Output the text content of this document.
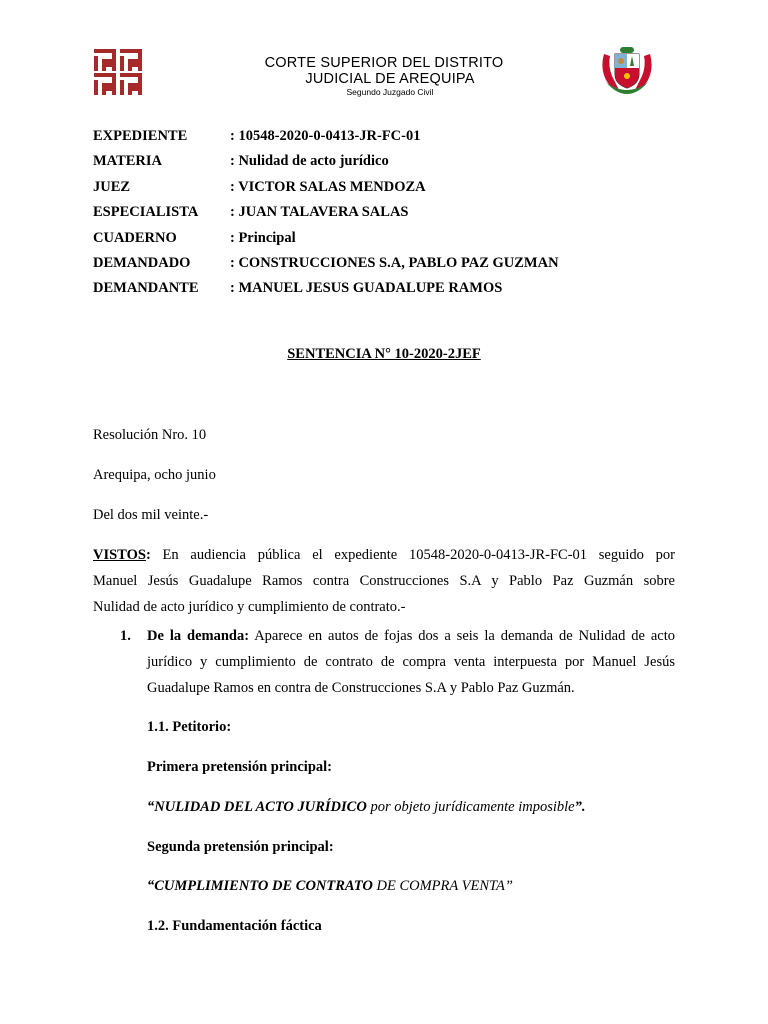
CORTE SUPERIOR DEL DISTRITO
JUDICIAL DE AREQUIPA
Segundo Juzgado Civil
EXPEDIENTE	: 10548-2020-0-0413-JR-FC-01
MATERIA	: Nulidad de acto jurídico
JUEZ	: VICTOR SALAS MENDOZA
ESPECIALISTA	: JUAN TALAVERA SALAS
CUADERNO	: Principal
DEMANDADO	: CONSTRUCCIONES S.A, PABLO PAZ GUZMAN
DEMANDANTE	: MANUEL JESUS GUADALUPE RAMOS
SENTENCIA N° 10-2020-2JEF
Resolución Nro. 10
Arequipa, ocho junio
Del dos mil veinte.-
VISTOS: En audiencia pública el expediente 10548-2020-0-0413-JR-FC-01 seguido por
Manuel Jesús Guadalupe Ramos contra Construcciones S.A y Pablo Paz Guzmán sobre
Nulidad de acto jurídico y cumplimiento de contrato.-
1. De la demanda: Aparece en autos de fojas dos a seis la demanda de Nulidad de acto
jurídico y cumplimiento de contrato de compra venta interpuesta por Manuel Jesús
Guadalupe Ramos en contra de Construcciones S.A y Pablo Paz Guzmán.
1.1. Petitorio:
Primera pretensión principal:
“NULIDAD DEL ACTO JURÍDICO por objeto jurídicamente imposible”.
Segunda pretensión principal:
“CUMPLIMIENTO DE CONTRATO DE COMPRA VENTA”
1.2. Fundamentación fáctica
